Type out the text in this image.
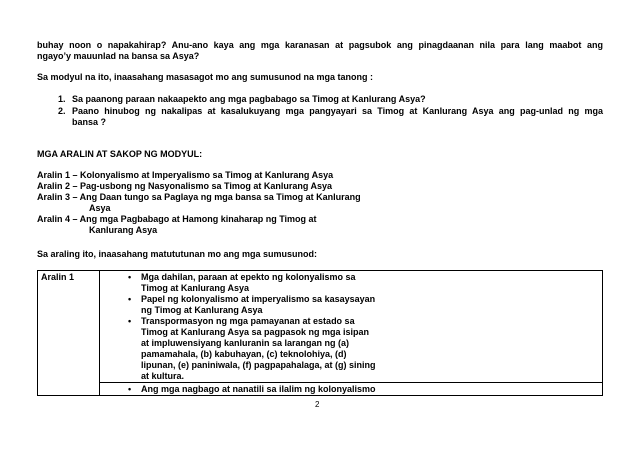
buhay noon o napakahirap? Anu-ano kaya ang mga karanasan at pagsubok ang pinagdaanan nila para lang maabot ang
ngayo’y mauunlad na bansa sa Asya?
Sa modyul na ito, inaasahang masasagot mo ang sumusunod na mga tanong :
1. Sa paanong paraan nakaapekto ang mga pagbabago sa Timog at Kanlurang Asya?
2. Paano hinubog ng nakalipas at kasalukuyang mga pangyayari sa Timog at Kanlurang Asya ang pag-unlad ng mga
bansa ?
MGA ARALIN AT SAKOP NG MODYUL:
Aralin 1 – Kolonyalismo at Imperyalismo sa Timog at Kanlurang Asya
Aralin 2 – Pag-usbong ng Nasyonalismo sa Timog at Kanlurang Asya
Aralin 3 – Ang Daan tungo sa Paglaya ng mga bansa sa Timog at Kanlurang
Asya
Aralin 4 – Ang mga Pagbabago at Hamong kinaharap ng Timog at
Kanlurang Asya
Sa araling ito, inaasahang matututunan mo ang mga sumusunod:
Aralin 1	• Mga dahilan, paraan at epekto ng kolonyalismo sa
Timog at Kanlurang Asya
• Papel ng kolonyalismo at imperyalismo sa kasaysayan
ng Timog at Kanlurang Asya
• Transpormasyon ng mga pamayanan at estado sa
Timog at Kanlurang Asya sa pagpasok ng mga isipan
at impluwensiyang kanluranin sa larangan ng (a)
pamamahala, (b) kabuhayan, (c) teknolohiya, (d)
lipunan, (e) paniniwala, (f) pagpapahalaga, at (g) sining
at kultura.

• Ang mga nagbago at nanatili sa ilalim ng kolonyalismo
2
